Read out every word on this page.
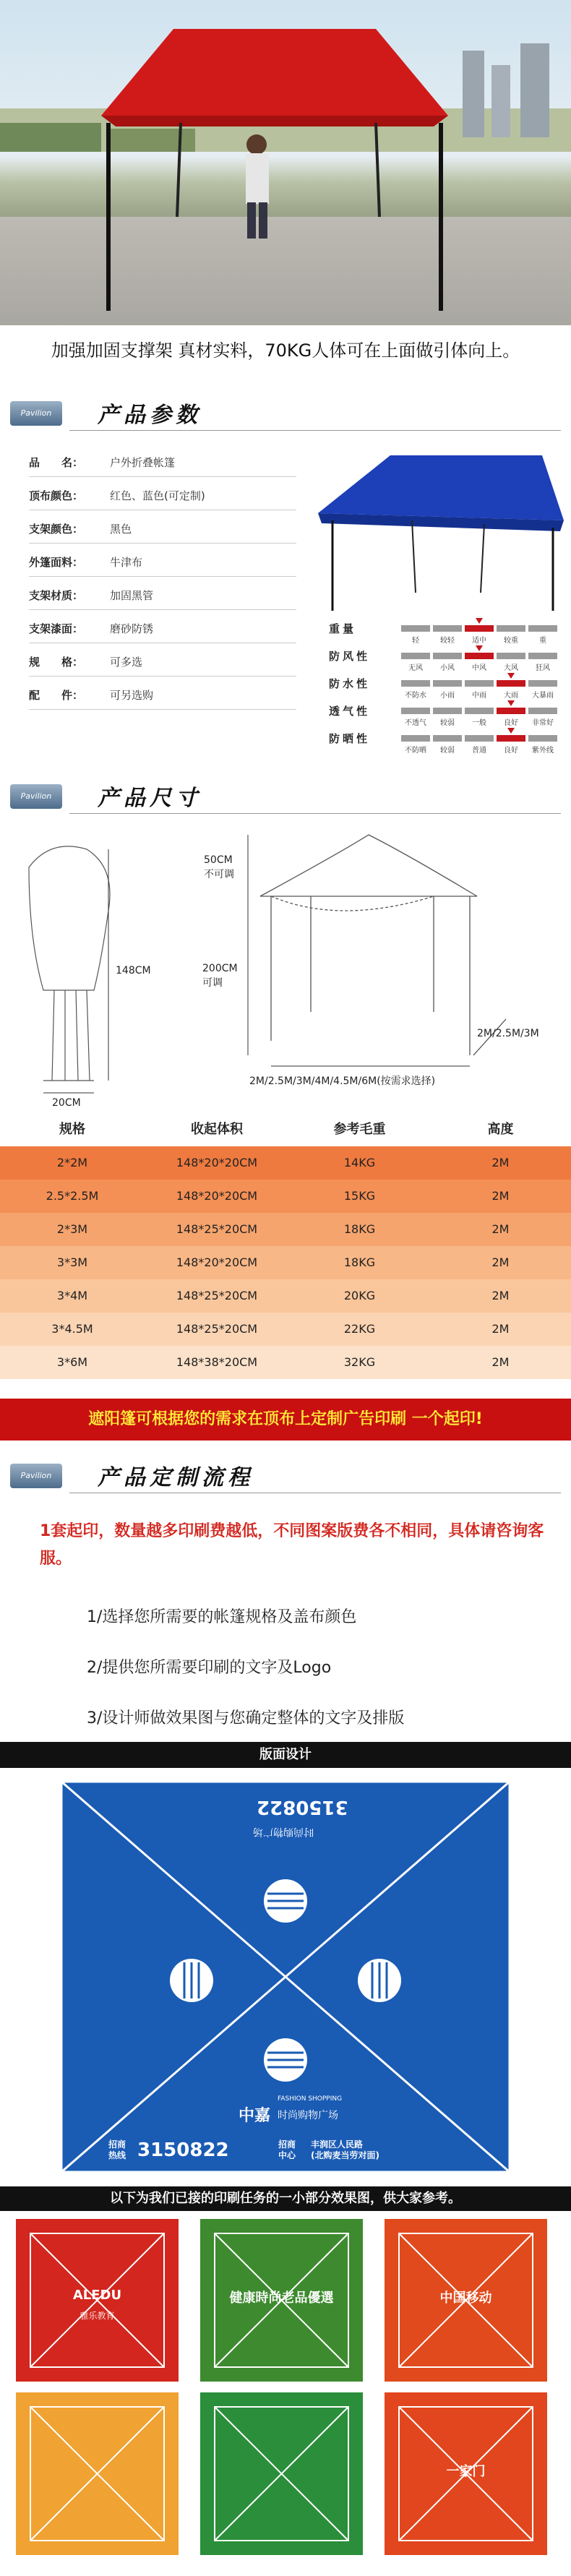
加强加固支撑架 真材实料，70KG人体可在上面做引体向上。
Pavilion	产品参数
品　　名：	户外折叠帐篷
顶布颜色：	红色、蓝色(可定制)
支架颜色：	黑色
外篷面料：	牛津布
支架材质：	加固黑管
支架漆面：	磨砂防锈
规　　格：	可多选
配　　件：	可另选购
重量
轻	较轻	适中	较重	重
防风性
无风	小风	中风	大风	狂风
防水性
不防水	小雨	中雨	大雨	大暴雨
透气性
不透气	较弱	一般	良好	非常好
防晒性
不防晒	较弱	普通	良好	紫外线
Pavilion	产品尺寸
148CM
20CM
50CM
不可调
200CM
可调
2M/2.5M/3M
2M/2.5M/3M/4M/4.5M/6M(按需求选择)
规格	收起体积	参考毛重	高度
2*2M	148*20*20CM	14KG	2M
2.5*2.5M	148*20*20CM	15KG	2M
2*3M	148*25*20CM	18KG	2M
3*3M	148*20*20CM	18KG	2M
3*4M	148*25*20CM	20KG	2M
3*4.5M	148*25*20CM	22KG	2M
3*6M	148*38*20CM	32KG	2M
遮阳篷可根据您的需求在顶布上定制广告印刷 一个起印!
Pavilion	产品定制流程
1套起印，数量越多印刷费越低，不同图案版费各不相同，具体请咨询客服。
1/选择您所需要的帐篷规格及盖布颜色
2/提供您所需要印刷的文字及Logo
3/设计师做效果图与您确定整体的文字及排版
版面设计
招商
热线 3150822	招商
中心
丰润区人民路
(北购麦当劳对面)
中嘉 时尚购物广场
FASHION SHOPPING
3150822
时尚购物广场
以下为我们已接的印刷任务的一小部分效果图，供大家参考。
ALEDU
雅乐教育
健康時尚老品優選	中国移动
一家门
